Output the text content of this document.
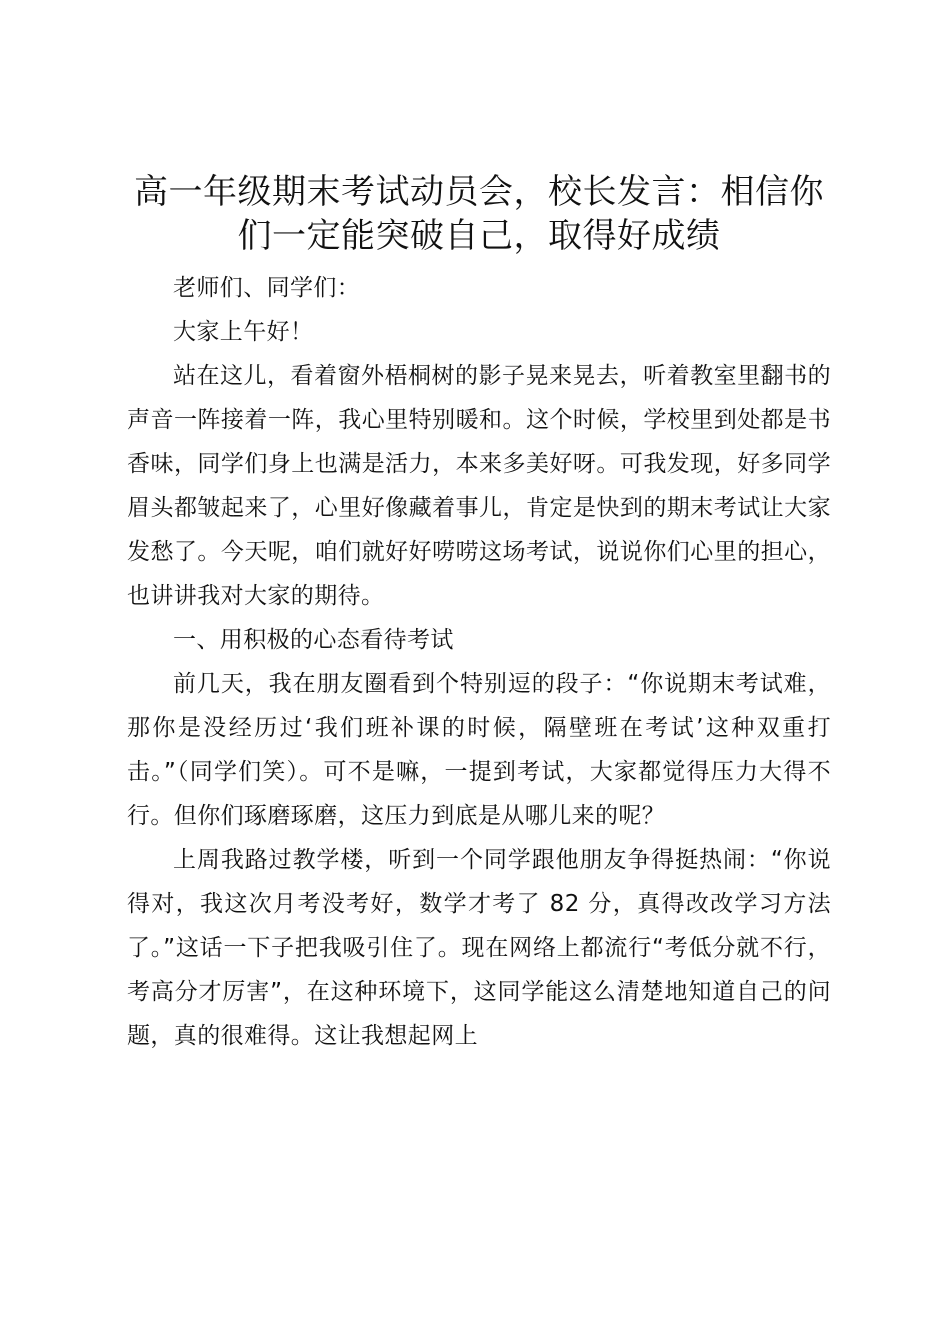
高一年级期末考试动员会，校长发言：相信你们一定能突破自己，取得好成绩

老师们、同学们：

大家上午好！

站在这儿，看着窗外梧桐树的影子晃来晃去，听着教室里翻书的声音一阵接着一阵，我心里特别暖和。这个时候，学校里到处都是书香味，同学们身上也满是活力，本来多美好呀。可我发现，好多同学眉头都皱起来了，心里好像藏着事儿，肯定是快到的期末考试让大家发愁了。今天呢，咱们就好好唠唠这场考试，说说你们心里的担心，也讲讲我对大家的期待。

一、用积极的心态看待考试

前几天，我在朋友圈看到个特别逗的段子：“你说期末考试难，那你是没经历过‘我们班补课的时候，隔壁班在考试’这种双重打击。”（同学们笑）。可不是嘛，一提到考试，大家都觉得压力大得不行。但你们琢磨琢磨，这压力到底是从哪儿来的呢？

上周我路过教学楼，听到一个同学跟他朋友争得挺热闹：“你说得对，我这次月考没考好，数学才考了 82 分，真得改改学习方法了。”这话一下子把我吸引住了。现在网络上都流行“考低分就不行，考高分才厉害”，在这种环境下，这同学能这么清楚地知道自己的问题，真的很难得。这让我想起网上
